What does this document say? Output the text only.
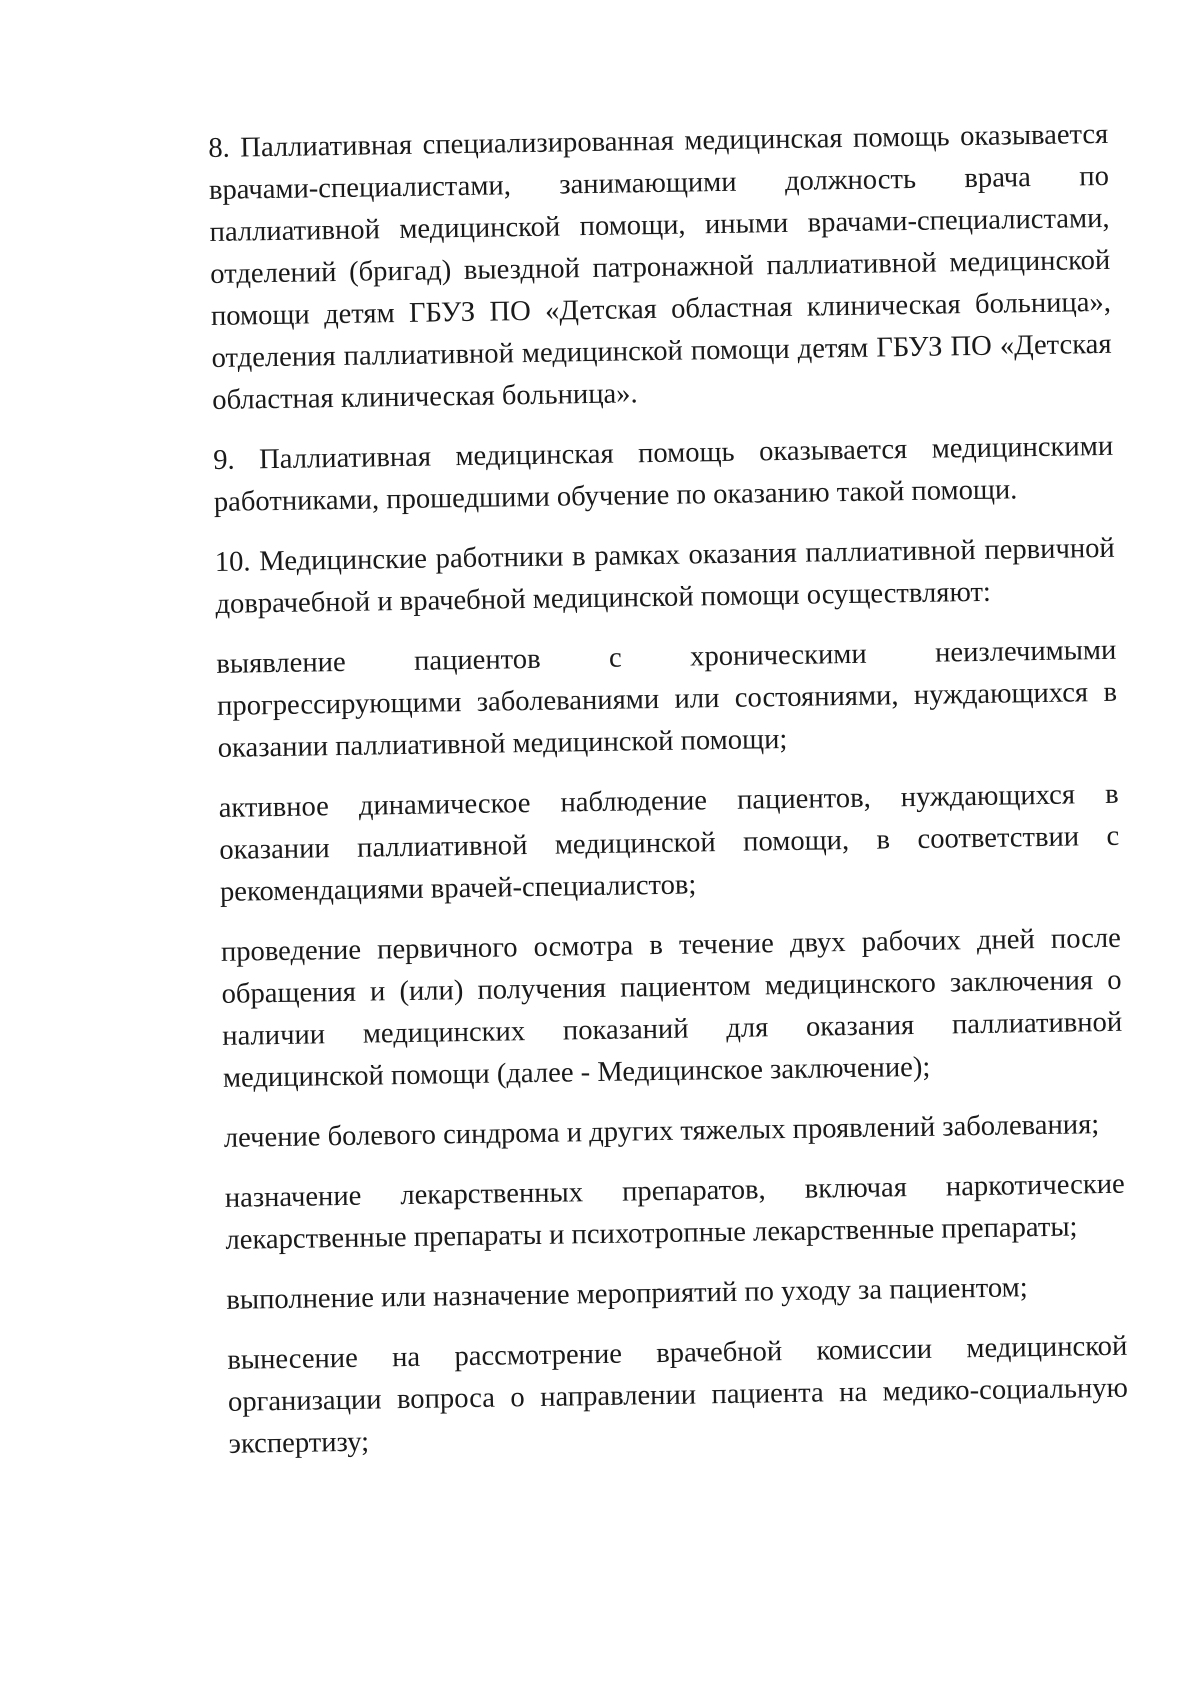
8. Паллиативная специализированная медицинская помощь оказывается врачами-специалистами, занимающими должность врача по паллиативной медицинской помощи, иными врачами-специалистами, отделений (бригад) выездной патронажной паллиативной медицинской помощи детям ГБУЗ ПО «Детская областная клиническая больница», отделения паллиативной медицинской помощи детям ГБУЗ ПО «Детская областная клиническая больница».

9. Паллиативная медицинская помощь оказывается медицинскими работниками, прошедшими обучение по оказанию такой помощи.

10. Медицинские работники в рамках оказания паллиативной первичной доврачебной и врачебной медицинской помощи осуществляют:

выявление пациентов с хроническими неизлечимыми прогрессирующими заболеваниями или состояниями, нуждающихся в оказании паллиативной медицинской помощи;

активное динамическое наблюдение пациентов, нуждающихся в оказании паллиативной медицинской помощи, в соответствии с рекомендациями врачей-специалистов;

проведение первичного осмотра в течение двух рабочих дней после обращения и (или) получения пациентом медицинского заключения о наличии медицинских показаний для оказания паллиативной медицинской помощи (далее - Медицинское заключение);

лечение болевого синдрома и других тяжелых проявлений заболевания;

назначение лекарственных препаратов, включая наркотические лекарственные препараты и психотропные лекарственные препараты;

выполнение или назначение мероприятий по уходу за пациентом;

вынесение на рассмотрение врачебной комиссии медицинской организации вопроса о направлении пациента на медико-социальную экспертизу;
